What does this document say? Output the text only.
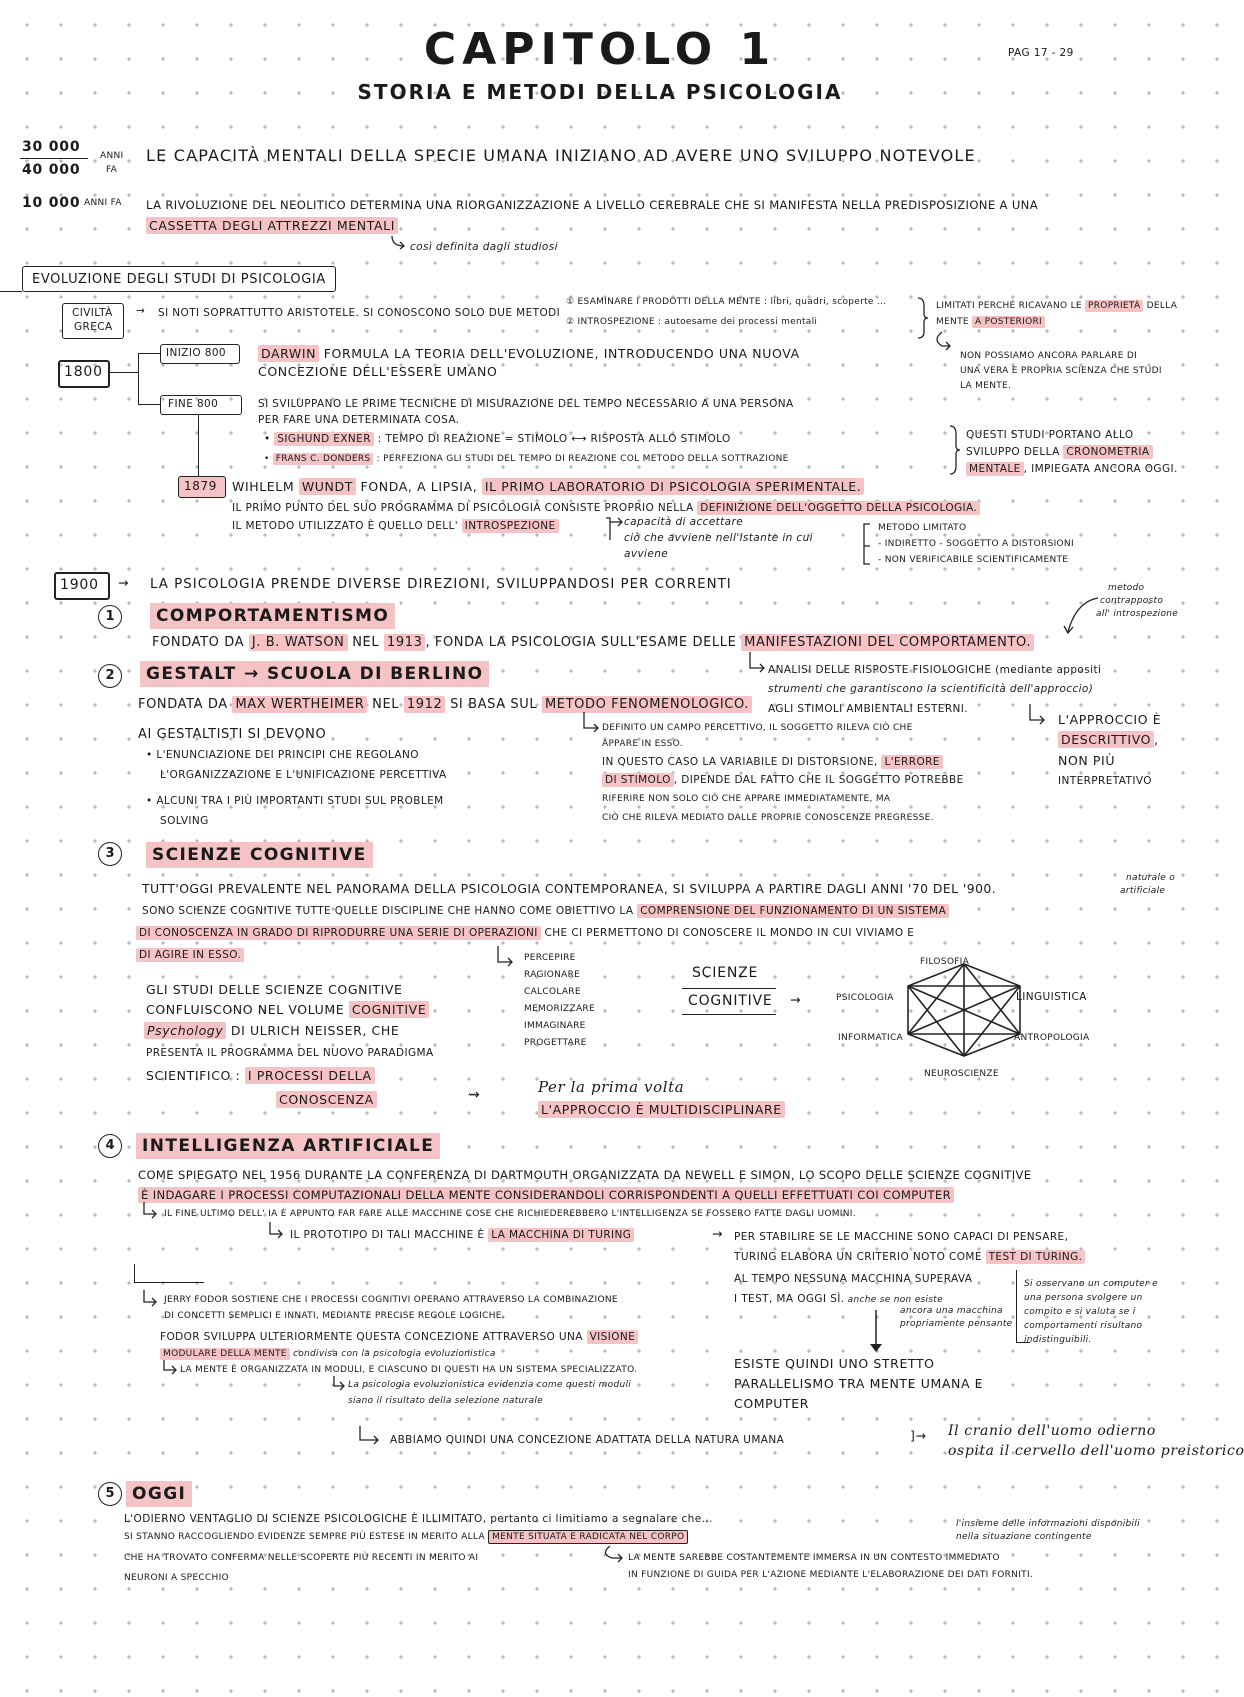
CAPITOLO 1
STORIA E METODI DELLA PSICOLOGIA
PAG 17 - 29
30 000
40 000
ANNI
FA
LE CAPACITÀ MENTALI DELLA SPECIE UMANA INIZIANO AD AVERE UNO SVILUPPO NOTEVOLE
10 000 ANNI FA LA RIVOLUZIONE DEL NEOLITICO DETERMINA UNA RIORGANIZZAZIONE A LIVELLO CEREBRALE CHE SI MANIFESTA NELLA PREDISPOSIZIONE A UNA
CASSETTA DEGLI ATTREZZI MENTALI
così definita dagli studiosi
EVOLUZIONE DEGLI STUDI DI PSICOLOGIA
CIVILTÀ
GRECA
→ SI NOTI SOPRATTUTTO ARISTOTELE. SI CONOSCONO SOLO DUE METODI
① ESAMINARE I PRODOTTI DELLA MENTE : libri, quadri, scoperte ...
② INTROSPEZIONE : autoesame dei processi mentali
LIMITATI PERCHÉ RICAVANO LE PROPRIETÀ DELLA
MENTE A POSTERIORI
NON POSSIAMO ANCORA PARLARE DI
UNA VERA E PROPRIA SCIENZA CHE STUDI
LA MENTE.
1800
INIZIO 800	DARWIN FORMULA LA TEORIA DELL'EVOLUZIONE, INTRODUCENDO UNA NUOVA
CONCEZIONE DELL'ESSERE UMANO
FINE 800	SI SVILUPPANO LE PRIME TECNICHE DI MISURAZIONE DEL TEMPO NECESSARIO A UNA PERSONA
PER FARE UNA DETERMINATA COSA.
• SIGHUND EXNER : TEMPO DI REAZIONE = STIMOLO ⟷ RISPOSTA ALLO STIMOLO
• FRANS C. DONDERS : PERFEZIONA GLI STUDI DEL TEMPO DI REAZIONE COL METODO DELLA SOTTRAZIONE
QUESTI STUDI PORTANO ALLO
SVILUPPO DELLA CRONOMETRIA
MENTALE , IMPIEGATA ANCORA OGGI.
1879 WIHLELM WUNDT FONDA, A LIPSIA, IL PRIMO LABORATORIO DI PSICOLOGIA SPERIMENTALE.
IL PRIMO PUNTO DEL SUO PROGRAMMA DI PSICOLOGIA CONSISTE PROPRIO NELLA DEFINIZIONE DELL'OGGETTO DELLA PSICOLOGIA.
IL METODO UTILIZZATO È QUELLO DELL' INTROSPEZIONE	capacità di accettare
ciò che avviene nell'istante in cui
avviene
METODO LIMITATO
- INDIRETTO - SOGGETTO A DISTORSIONI
- NON VERIFICABILE SCIENTIFICAMENTE
1900 → LA PSICOLOGIA PRENDE DIVERSE DIREZIONI, SVILUPPANDOSI PER CORRENTI	metodo
contrapposto
all' introspezione
1	COMPORTAMENTISMO
FONDATO DA J. B. WATSON NEL 1913 , FONDA LA PSICOLOGIA SULL'ESAME DELLE MANIFESTAZIONI DEL COMPORTAMENTO.
ANALISI DELLE RISPOSTE FISIOLOGICHE (mediante appositi
strumenti che garantiscono la scientificità dell'approccio)
AGLI STIMOLI AMBIENTALI ESTERNI.
2	GESTALT → SCUOLA DI BERLINO
FONDATA DA MAX WERTHEIMER NEL 1912 SI BASA SUL METODO FENOMENOLOGICO.
AI GESTALTISTI SI DEVONO
• L'ENUNCIAZIONE DEI PRINCIPI CHE REGOLANO
L'ORGANIZZAZIONE E L'UNIFICAZIONE PERCETTIVA
• ALCUNI TRA I PIÙ IMPORTANTI STUDI SUL PROBLEM
SOLVING
DEFINITO UN CAMPO PERCETTIVO, IL SOGGETTO RILEVA CIÒ CHE
APPARE IN ESSO.
IN QUESTO CASO LA VARIABILE DI DISTORSIONE, L'ERRORE
DI STIMOLO , DIPENDE DAL FATTO CHE IL SOGGETTO POTREBBE
RIFERIRE NON SOLO CIÒ CHE APPARE IMMEDIATAMENTE, MA
CIÒ CHE RILEVA MEDIATO DALLE PROPRIE CONOSCENZE PREGRESSE.
L'APPROCCIO È
DESCRITTIVO ,
NON PIÙ
INTERPRETATIVO
3	SCIENZE COGNITIVE
TUTT'OGGI PREVALENTE NEL PANORAMA DELLA PSICOLOGIA CONTEMPORANEA, SI SVILUPPA A PARTIRE DAGLI ANNI '70 DEL '900.
naturale o
artificiale
SONO SCIENZE COGNITIVE TUTTE QUELLE DISCIPLINE CHE HANNO COME OBIETTIVO LA COMPRENSIONE DEL FUNZIONAMENTO DI UN SISTEMA
DI CONOSCENZA IN GRADO DI RIPRODURRE UNA SERIE DI OPERAZIONI CHE CI PERMETTONO DI CONOSCERE IL MONDO IN CUI VIVIAMO E
DI AGIRE IN ESSO.	PERCEPIRE
RAGIONARE
CALCOLARE
MEMORIZZARE
IMMAGINARE
PROGETTARE
GLI STUDI DELLE SCIENZE COGNITIVE
CONFLUISCONO NEL VOLUME COGNITIVE
Psychology DI ULRICH NEISSER, CHE
PRESENTA IL PROGRAMMA DEL NUOVO PARADIGMA
SCIENTIFICO : I PROCESSI DELLA
CONOSCENZA	⇝	Per la prima volta
L'APPROCCIO È MULTIDISCIPLINARE
SCIENZE
COGNITIVE →
FILOSOFIA
PSICOLOGIA	LINGUISTICA
INFORMATICA	ANTROPOLOGIA
NEUROSCIENZE
4	INTELLIGENZA ARTIFICIALE
COME SPIEGATO NEL 1956 DURANTE LA CONFERENZA DI DARTMOUTH ORGANIZZATA DA NEWELL E SIMON, LO SCOPO DELLE SCIENZE COGNITIVE
È INDAGARE I PROCESSI COMPUTAZIONALI DELLA MENTE CONSIDERANDOLI CORRISPONDENTI A QUELLI EFFETTUATI COI COMPUTER
IL FINE ULTIMO DELL' IA È APPUNTO FAR FARE ALLE MACCHINE COSE CHE RICHIEDEREBBERO L'INTELLIGENZA SE FOSSERO FATTE DAGLI UOMINI.
IL PROTOTIPO DI TALI MACCHINE È LA MACCHINA DI TURING	→ PER STABILIRE SE LE MACCHINE SONO CAPACI DI PENSARE,
TURING ELABORA UN CRITERIO NOTO COME TEST DI TURING.
AL TEMPO NESSUNA MACCHINA SUPERAVA
I TEST, MA OGGI SÌ. anche se non esiste
ancora una macchina
propriamente pensante
Si osservano un computer e
una persona svolgere un
compito e si valuta se i
comportamenti risultano
indistinguibili.
ESISTE QUINDI UNO STRETTO
PARALLELISMO TRA MENTE UMANA E
COMPUTER
JERRY FODOR SOSTIENE CHE I PROCESSI COGNITIVI OPERANO ATTRAVERSO LA COMBINAZIONE
DI CONCETTI SEMPLICI E INNATI, MEDIANTE PRECISE REGOLE LOGICHE.
FODOR SVILUPPA ULTERIORMENTE QUESTA CONCEZIONE ATTRAVERSO UNA VISIONE
MODULARE DELLA MENTE condivisa con la psicologia evoluzionistica
LA MENTE È ORGANIZZATA IN MODULI, E CIASCUNO DI QUESTI HA UN SISTEMA SPECIALIZZATO.
La psicologia evoluzionistica evidenzia come questi moduli
siano il risultato della selezione naturale
ABBIAMO QUINDI UNA CONCEZIONE ADATTATA DELLA NATURA UMANA	]→ Il cranio dell'uomo odierno
ospita il cervello dell'uomo preistorico
5	OGGI
L'ODIERNO VENTAGLIO DI SCIENZE PSICOLOGICHE È ILLIMITATO, pertanto ci limitiamo a segnalare che...
SI STANNO RACCOGLIENDO EVIDENZE SEMPRE PIÙ ESTESE IN MERITO ALLA MENTE SITUATA E RADICATA NEL CORPO
CHE HA TROVATO CONFERMA NELLE SCOPERTE PIÙ RECENTI IN MERITO AI
NEURONI A SPECCHIO
l'insieme delle informazioni disponibili
nella situazione contingente
LA MENTE SAREBBE COSTANTEMENTE IMMERSA IN UN CONTESTO IMMEDIATO
IN FUNZIONE DI GUIDA PER L'AZIONE MEDIANTE L'ELABORAZIONE DEI DATI FORNITI.
